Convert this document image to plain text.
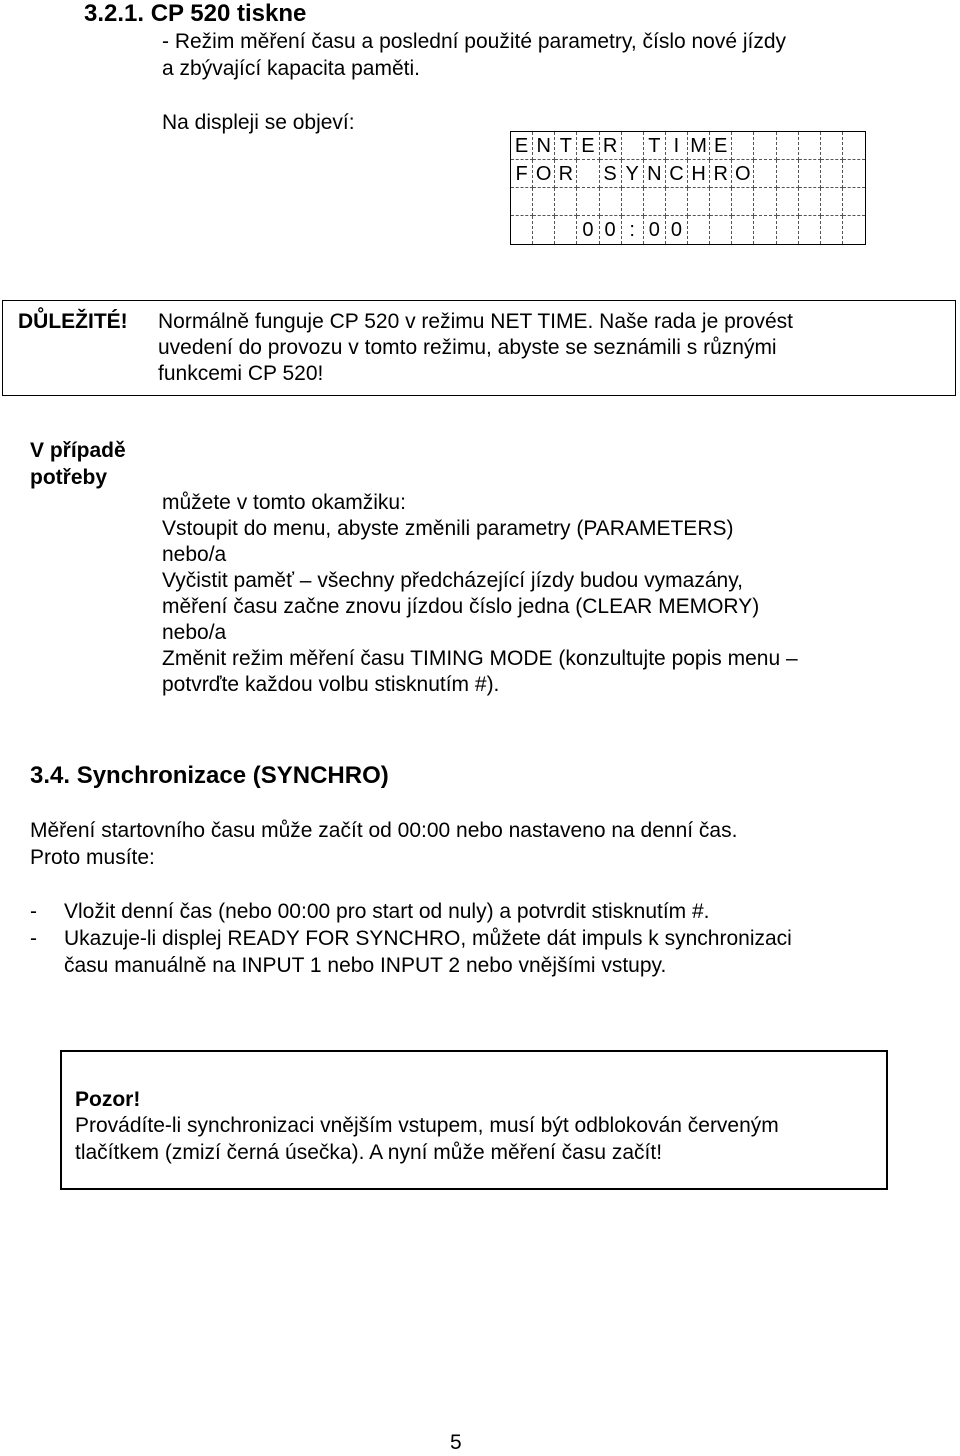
3.2.1. CP 520 tiskne
- Režim měření času a poslední použité parametry, číslo nové jízdy
a zbývající kapacita paměti.
Na displeji se objeví:
E N T E R T I M E
F O R S Y N C H R O
0 0 : 0 0
DŮLEŽITÉ! Normálně funguje CP 520 v režimu NET TIME. Naše rada je provést
uvedení do provozu v tomto režimu, abyste se seznámili s různými
funkcemi CP 520!
V případě
potřeby
můžete v tomto okamžiku:
Vstoupit do menu, abyste změnili parametry (PARAMETERS)
nebo/a
Vyčistit paměť – všechny předcházející jízdy budou vymazány,
měření času začne znovu jízdou číslo jedna (CLEAR MEMORY)
nebo/a
Změnit režim měření času TIMING MODE (konzultujte popis menu –
potvrďte každou volbu stisknutím #).
3.4. Synchronizace (SYNCHRO)
Měření startovního času může začít od 00:00 nebo nastaveno na denní čas.
Proto musíte:
- Vložit denní čas (nebo 00:00 pro start od nuly) a potvrdit stisknutím #.
- Ukazuje-li displej READY FOR SYNCHRO, můžete dát impuls k synchronizaci
času manuálně na INPUT 1 nebo INPUT 2 nebo vnějšími vstupy.
Pozor!
Provádíte-li synchronizaci vnějším vstupem, musí být odblokován červeným
tlačítkem (zmizí černá úsečka). A nyní může měření času začít!
5
